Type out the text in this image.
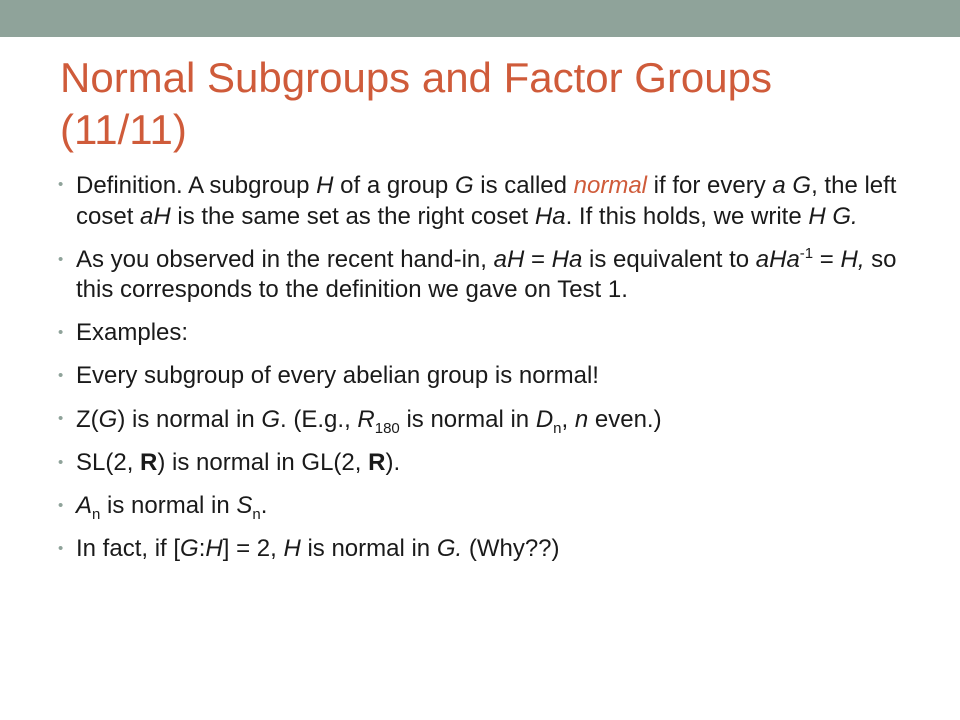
Normal Subgroups and Factor Groups (11/11)
• Definition. A subgroup H of a group G is called normal if for every a G, the left coset aH is the same set as the right coset Ha. If this holds, we write H G.
• As you observed in the recent hand-in, aH = Ha is equivalent to aHa$^{-1}$ = H, so this corresponds to the definition we gave on Test 1.
• Examples:
• Every subgroup of every abelian group is normal!
• Z(G) is normal in G. (E.g., $R_{180}$ is normal in $D_n$, n even.)
• SL(2, R) is normal in GL(2, R).
• $A_n$ is normal in $S_n$.
• In fact, if [G:H] = 2, H is normal in G. (Why??)
